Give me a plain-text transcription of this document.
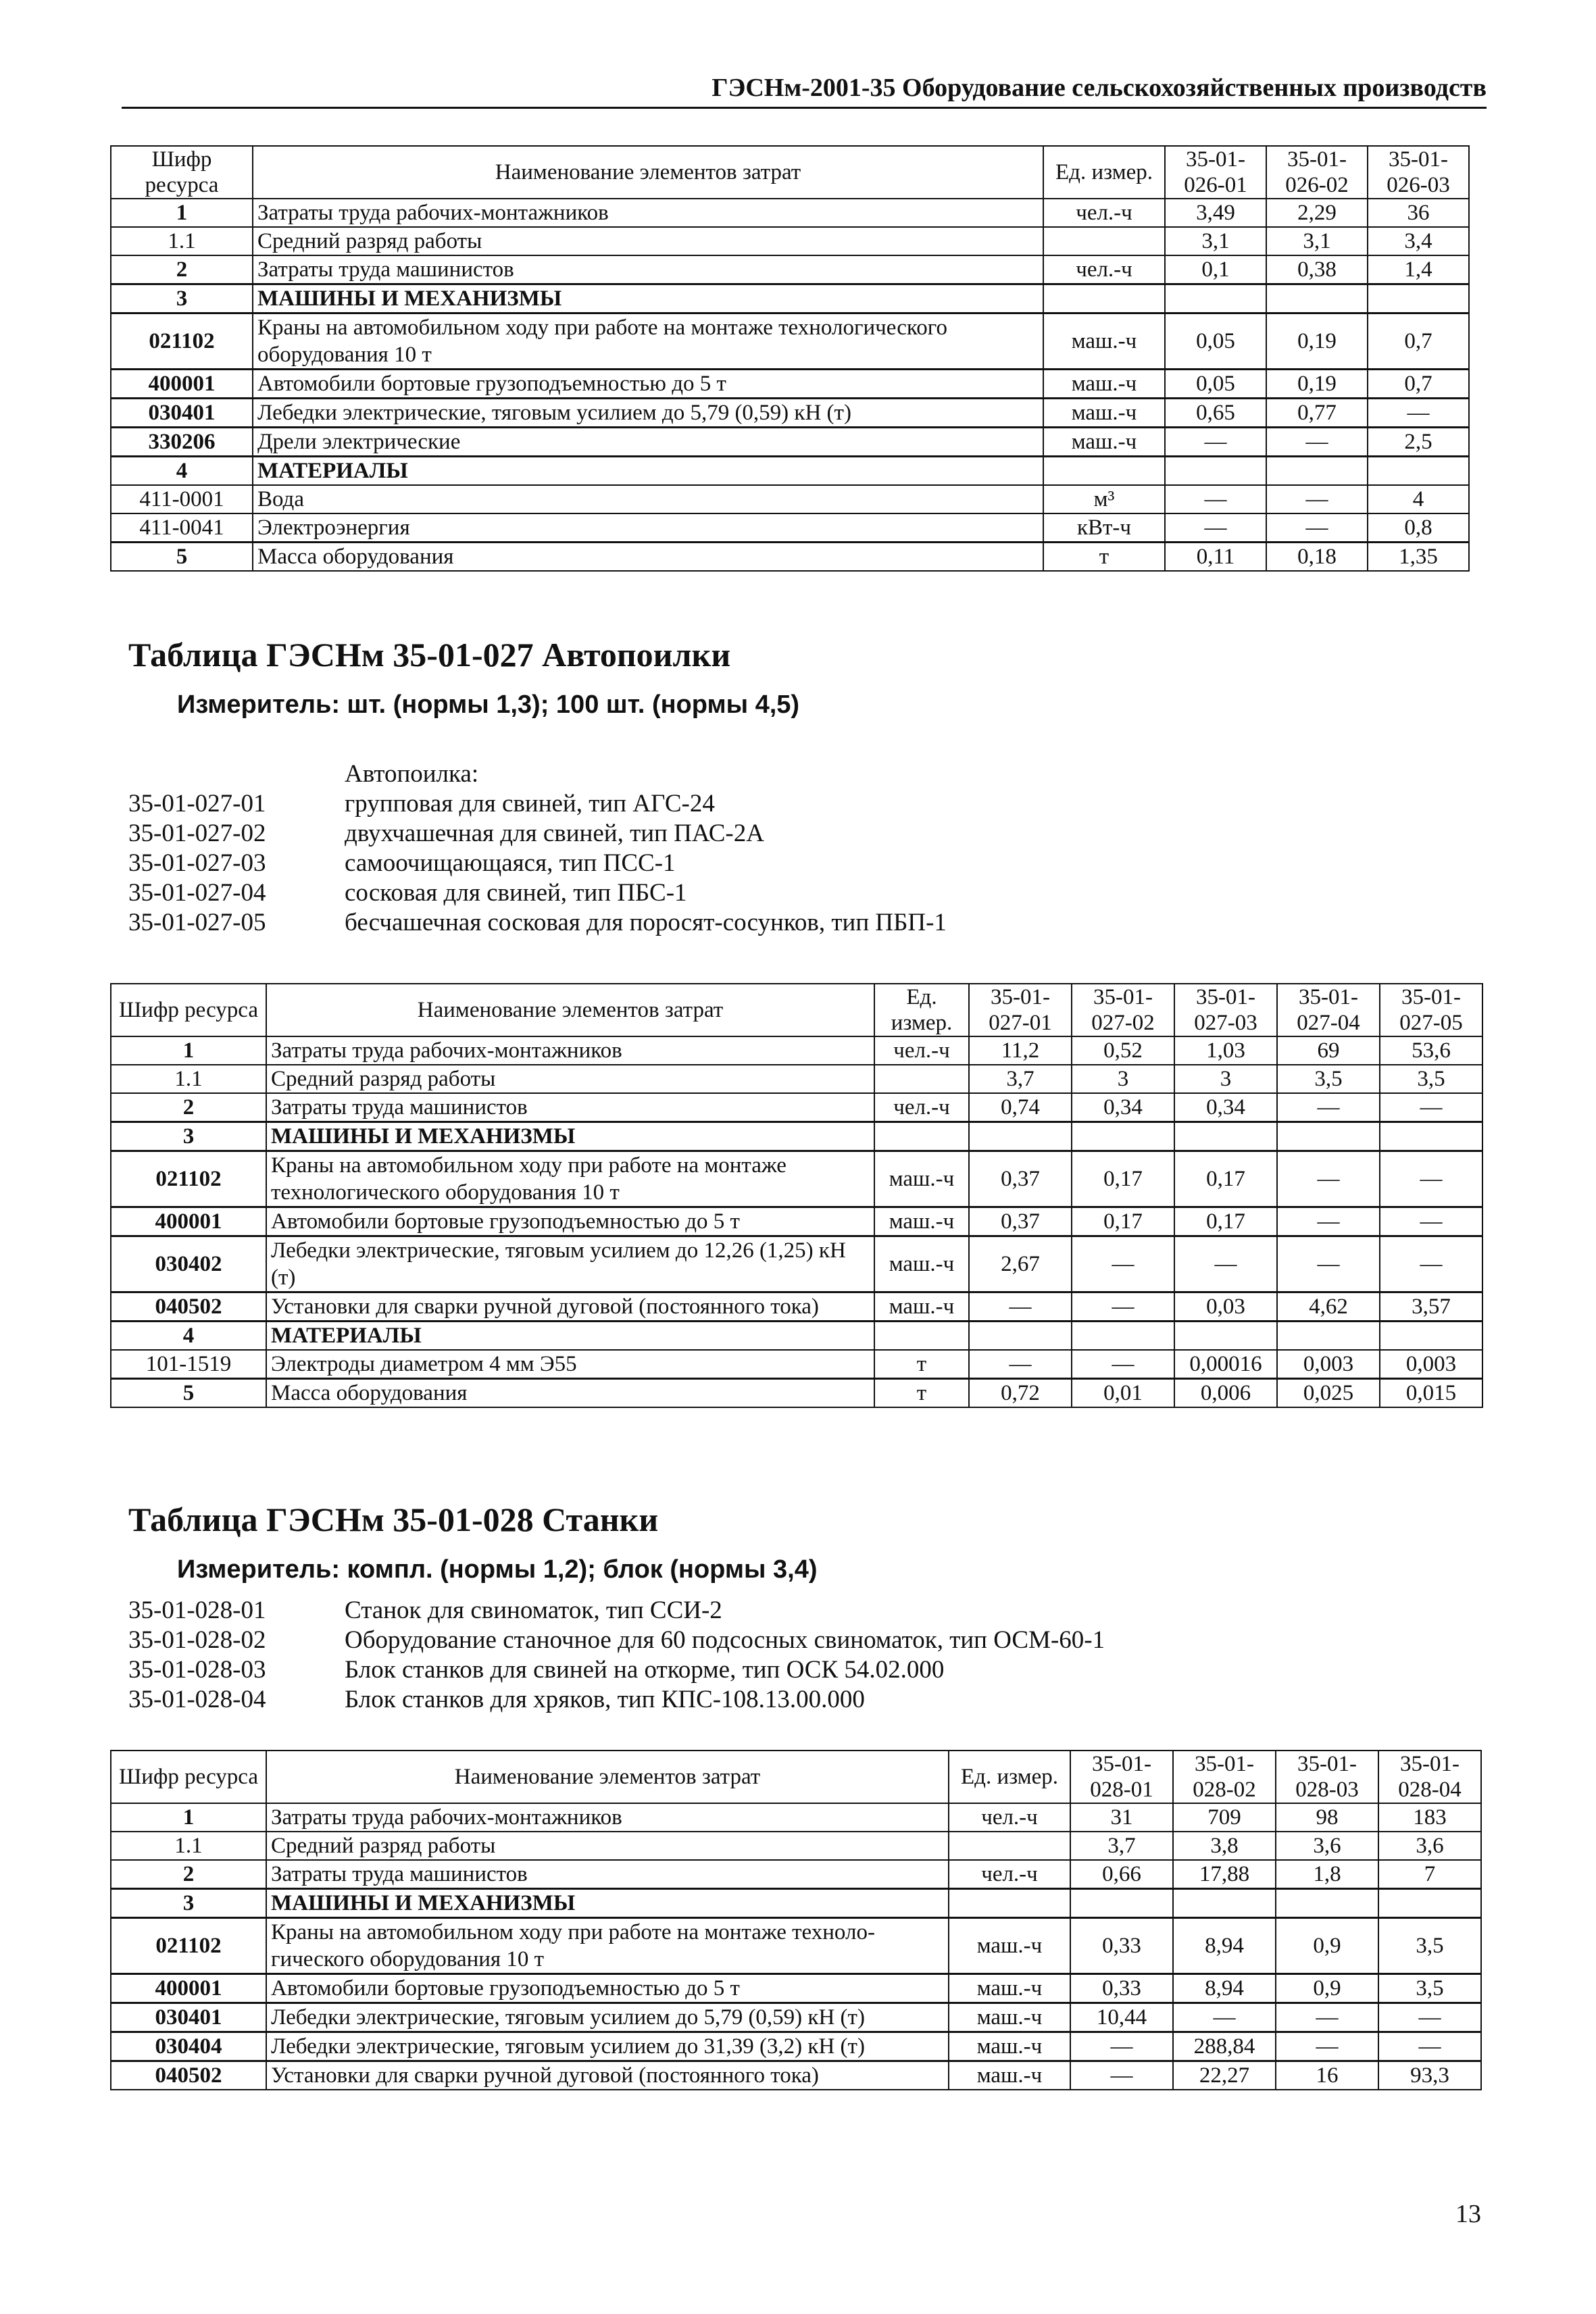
ГЭСНм-2001-35 Оборудование сельскохозяйственных производств
Шифр ресурса	Наименование элементов затрат	Ед. измер.	35-01- 026-01	35-01- 026-02	35-01- 026-03
1	Затраты труда рабочих-монтажников	чел.-ч	3,49	2,29	36
1.1	Средний разряд работы		3,1	3,1	3,4
2	Затраты труда машинистов	чел.-ч	0,1	0,38	1,4
3	МАШИНЫ И МЕХАНИЗМЫ				
021102	Краны на автомобильном ходу при работе на монтаже технологического оборудования 10 т	маш.-ч	0,05	0,19	0,7
400001	Автомобили бортовые грузоподъемностью до 5 т	маш.-ч	0,05	0,19	0,7
030401	Лебедки электрические, тяговым усилием до 5,79 (0,59) кН (т)	маш.-ч	0,65	0,77	—
330206	Дрели электрические	маш.-ч	—	—	2,5
4	МАТЕРИАЛЫ				
411-0001	Вода	м³	—	—	4
411-0041	Электроэнергия	кВт-ч	—	—	0,8
5	Масса оборудования	т	0,11	0,18	1,35
Таблица ГЭСНм 35-01-027 Автопоилки
Измеритель: шт. (нормы 1,3); 100 шт. (нормы 4,5)
Автопоилка:
35-01-027-01	групповая для свиней, тип АГС-24
35-01-027-02	двухчашечная для свиней, тип ПАС-2А
35-01-027-03	самоочищающаяся, тип ПСС-1
35-01-027-04	сосковая для свиней, тип ПБС-1
35-01-027-05	бесчашечная сосковая для поросят-сосунков, тип ПБП-1
Шифр ресурса	Наименование элементов затрат	Ед. измер.	35-01- 027-01	35-01- 027-02	35-01- 027-03	35-01- 027-04	35-01- 027-05
1	Затраты труда рабочих-монтажников	чел.-ч	11,2	0,52	1,03	69	53,6
1.1	Средний разряд работы		3,7	3	3	3,5	3,5
2	Затраты труда машинистов	чел.-ч	0,74	0,34	0,34	—	—
3	МАШИНЫ И МЕХАНИЗМЫ						
021102	Краны на автомобильном ходу при работе на монтаже технологического оборудования 10 т	маш.-ч	0,37	0,17	0,17	—	—
400001	Автомобили бортовые грузоподъемностью до 5 т	маш.-ч	0,37	0,17	0,17	—	—
030402	Лебедки электрические, тяговым усилием до 12,26 (1,25) кН (т)	маш.-ч	2,67	—	—	—	—
040502	Установки для сварки ручной дуговой (постоянного тока)	маш.-ч	—	—	0,03	4,62	3,57
4	МАТЕРИАЛЫ						
101-1519	Электроды диаметром 4 мм Э55	т	—	—	0,00016	0,003	0,003
5	Масса оборудования	т	0,72	0,01	0,006	0,025	0,015
Таблица ГЭСНм 35-01-028 Станки
Измеритель: компл. (нормы 1,2); блок (нормы 3,4)
35-01-028-01	Станок для свиноматок, тип ССИ-2
35-01-028-02	Оборудование станочное для 60 подсосных свиноматок, тип ОСМ-60-1
35-01-028-03	Блок станков для свиней на откорме, тип ОСК 54.02.000
35-01-028-04	Блок станков для хряков, тип КПС-108.13.00.000
Шифр ресурса	Наименование элементов затрат	Ед. измер.	35-01- 028-01	35-01- 028-02	35-01- 028-03	35-01- 028-04
1	Затраты труда рабочих-монтажников	чел.-ч	31	709	98	183
1.1	Средний разряд работы		3,7	3,8	3,6	3,6
2	Затраты труда машинистов	чел.-ч	0,66	17,88	1,8	7
3	МАШИНЫ И МЕХАНИЗМЫ					
021102	Краны на автомобильном ходу при работе на монтаже техноло-гического оборудования 10 т	маш.-ч	0,33	8,94	0,9	3,5
400001	Автомобили бортовые грузоподъемностью до 5 т	маш.-ч	0,33	8,94	0,9	3,5
030401	Лебедки электрические, тяговым усилием до 5,79 (0,59) кН (т)	маш.-ч	10,44	—	—	—
030404	Лебедки электрические, тяговым усилием до 31,39 (3,2) кН (т)	маш.-ч	—	288,84	—	—
040502	Установки для сварки ручной дуговой (постоянного тока)	маш.-ч	—	22,27	16	93,3
13
